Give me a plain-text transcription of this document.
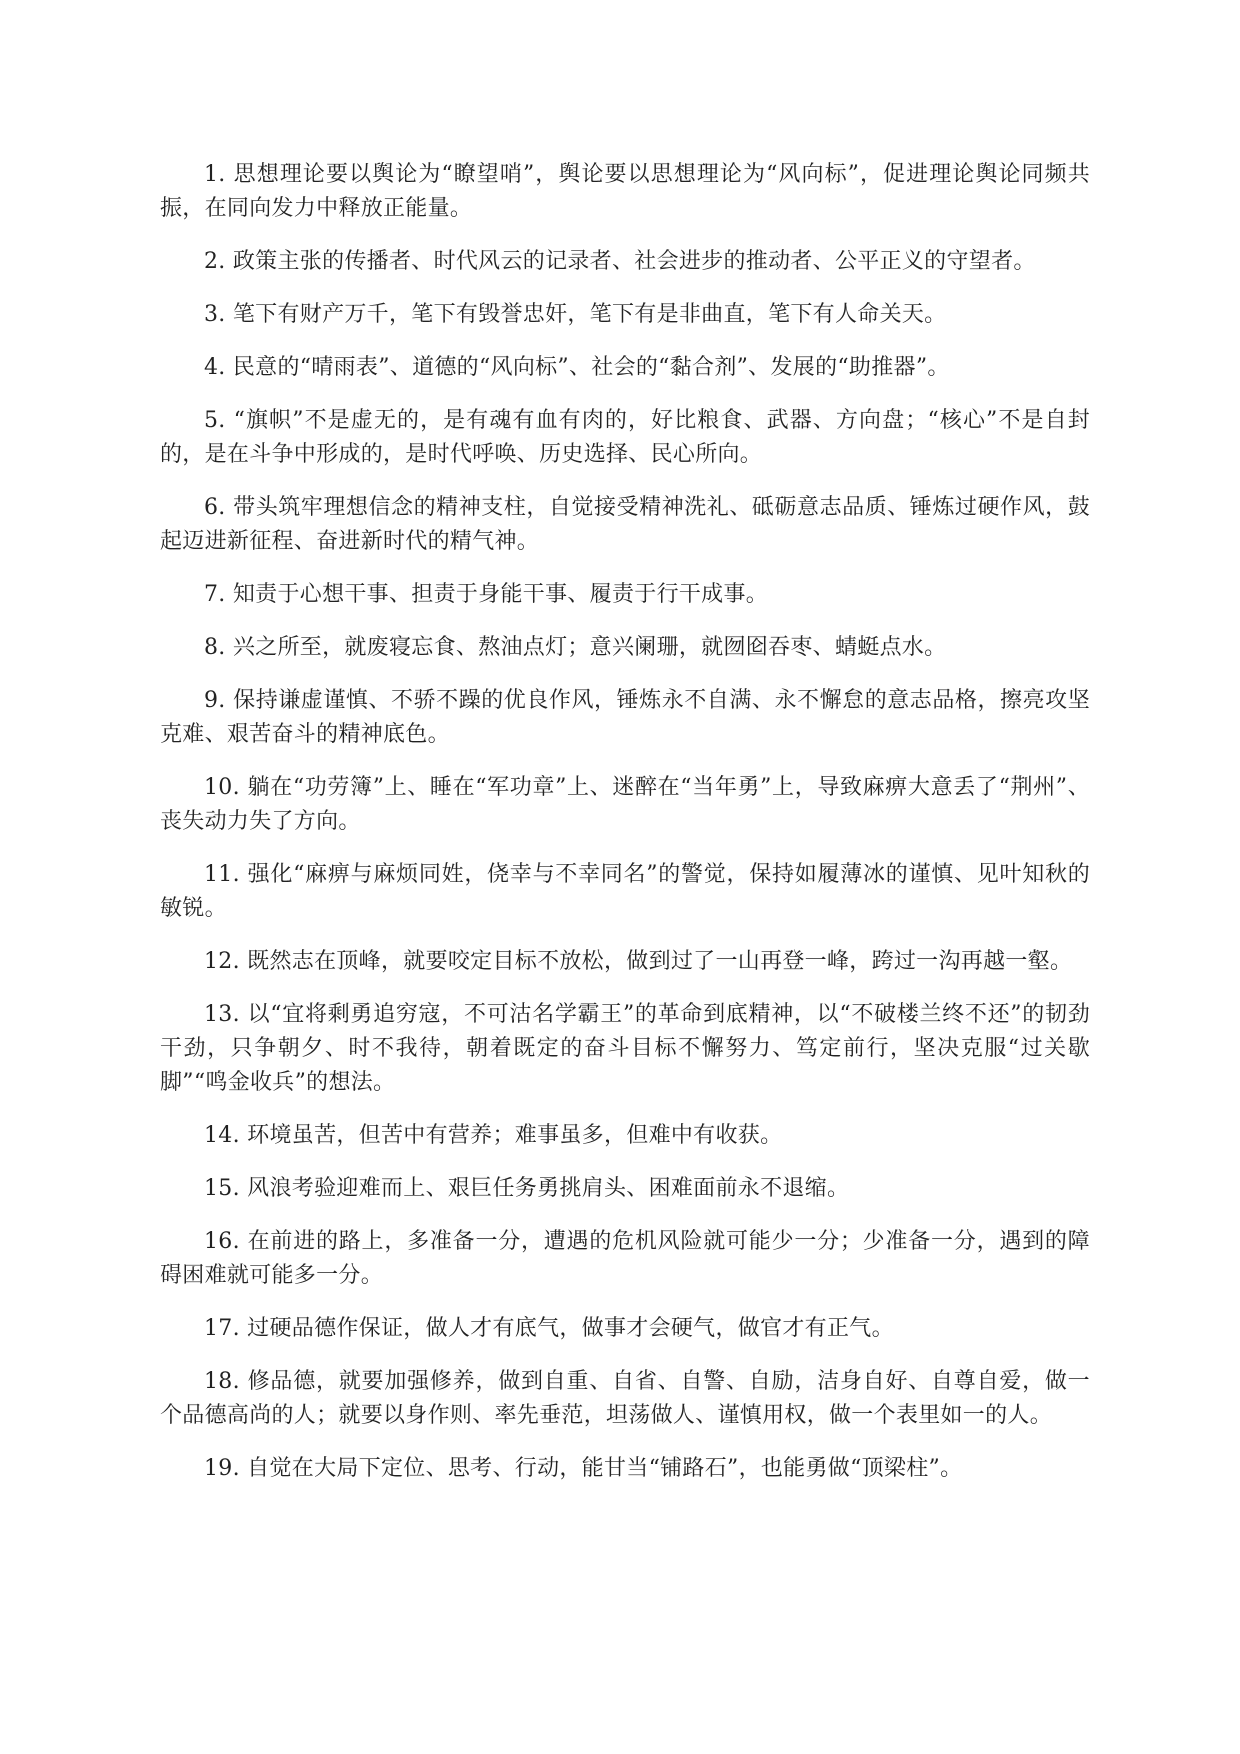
1. 思想理论要以舆论为“瞭望哨”，舆论要以思想理论为“风向标”，促进理论舆论同频共振，在同向发力中释放正能量。

2. 政策主张的传播者、时代风云的记录者、社会进步的推动者、公平正义的守望者。

3. 笔下有财产万千，笔下有毁誉忠奸，笔下有是非曲直，笔下有人命关天。

4. 民意的“晴雨表”、道德的“风向标”、社会的“黏合剂”、发展的“助推器”。

5. “旗帜”不是虚无的，是有魂有血有肉的，好比粮食、武器、方向盘；“核心”不是自封的，是在斗争中形成的，是时代呼唤、历史选择、民心所向。

6. 带头筑牢理想信念的精神支柱，自觉接受精神洗礼、砥砺意志品质、锤炼过硬作风，鼓起迈进新征程、奋进新时代的精气神。

7. 知责于心想干事、担责于身能干事、履责于行干成事。

8. 兴之所至，就废寝忘食、熬油点灯；意兴阑珊，就囫囵吞枣、蜻蜓点水。

9. 保持谦虚谨慎、不骄不躁的优良作风，锤炼永不自满、永不懈怠的意志品格，擦亮攻坚克难、艰苦奋斗的精神底色。

10. 躺在“功劳簿”上、睡在“军功章”上、迷醉在“当年勇”上，导致麻痹大意丢了“荆州”、丧失动力失了方向。

11. 强化“麻痹与麻烦同姓，侥幸与不幸同名”的警觉，保持如履薄冰的谨慎、见叶知秋的敏锐。

12. 既然志在顶峰，就要咬定目标不放松，做到过了一山再登一峰，跨过一沟再越一壑。

13. 以“宜将剩勇追穷寇，不可沽名学霸王”的革命到底精神，以“不破楼兰终不还”的韧劲干劲，只争朝夕、时不我待，朝着既定的奋斗目标不懈努力、笃定前行，坚决克服“过关歇脚”“鸣金收兵”的想法。

14. 环境虽苦，但苦中有营养；难事虽多，但难中有收获。

15. 风浪考验迎难而上、艰巨任务勇挑肩头、困难面前永不退缩。

16. 在前进的路上，多准备一分，遭遇的危机风险就可能少一分；少准备一分，遇到的障碍困难就可能多一分。

17. 过硬品德作保证，做人才有底气，做事才会硬气，做官才有正气。

18. 修品德，就要加强修养，做到自重、自省、自警、自励，洁身自好、自尊自爱，做一个品德高尚的人；就要以身作则、率先垂范，坦荡做人、谨慎用权，做一个表里如一的人。

19. 自觉在大局下定位、思考、行动，能甘当“铺路石”，也能勇做“顶梁柱”。
